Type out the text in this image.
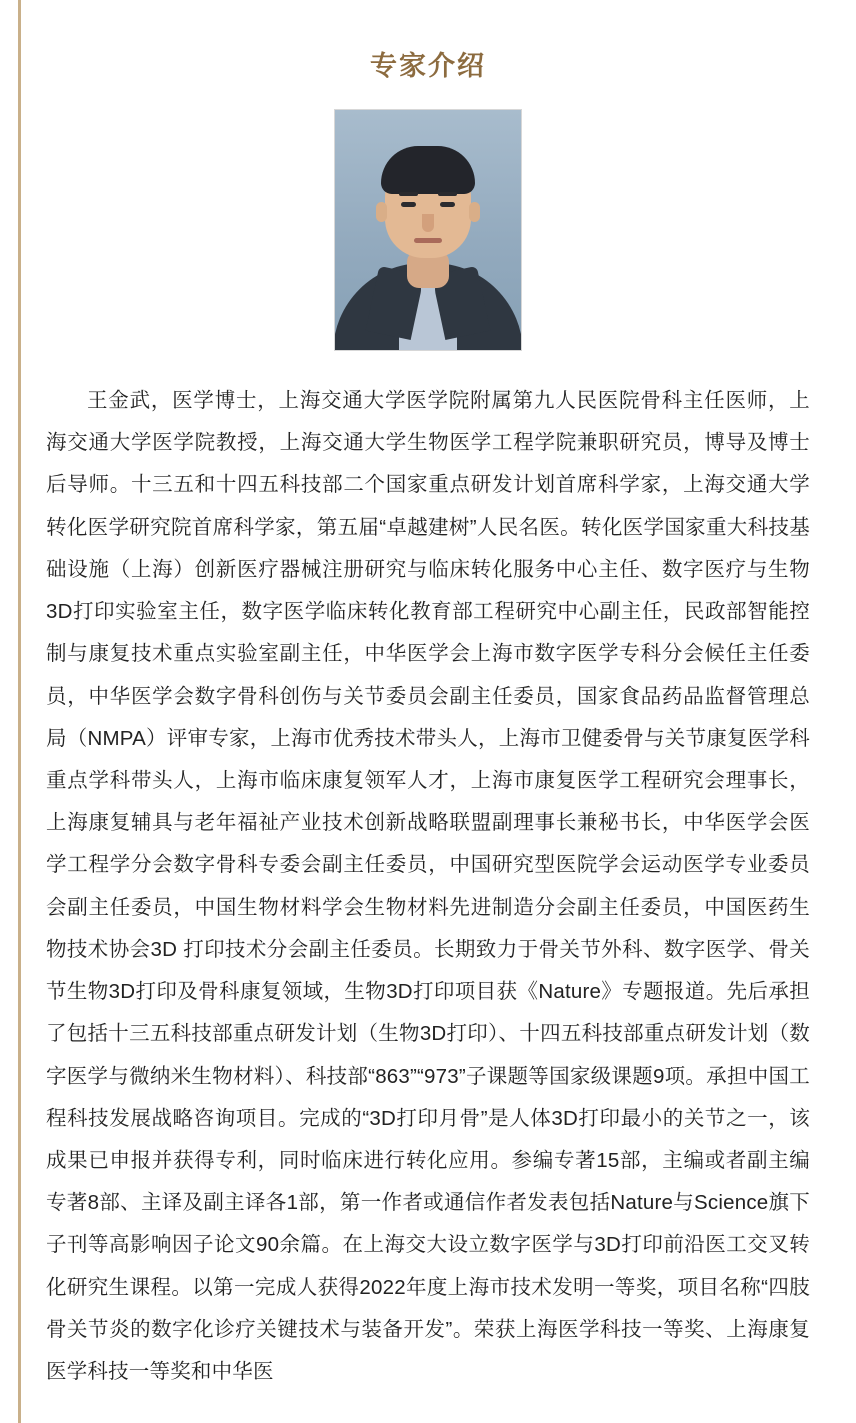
专家介绍

王金武，医学博士，上海交通大学医学院附属第九人民医院骨科主任医师，上海交通大学医学院教授，上海交通大学生物医学工程学院兼职研究员，博导及博士后导师。十三五和十四五科技部二个国家重点研发计划首席科学家，上海交通大学转化医学研究院首席科学家，第五届“卓越建树”人民名医。转化医学国家重大科技基础设施（上海）创新医疗器械注册研究与临床转化服务中心主任、数字医疗与生物3D打印实验室主任，数字医学临床转化教育部工程研究中心副主任，民政部智能控制与康复技术重点实验室副主任，中华医学会上海市数字医学专科分会候任主任委员，中华医学会数字骨科创伤与关节委员会副主任委员，国家食品药品监督管理总局（NMPA）评审专家，上海市优秀技术带头人，上海市卫健委骨与关节康复医学科重点学科带头人，上海市临床康复领军人才，上海市康复医学工程研究会理事长，上海康复辅具与老年福祉产业技术创新战略联盟副理事长兼秘书长，中华医学会医学工程学分会数字骨科专委会副主任委员，中国研究型医院学会运动医学专业委员会副主任委员，中国生物材料学会生物材料先进制造分会副主任委员，中国医药生物技术协会3D 打印技术分会副主任委员。长期致力于骨关节外科、数字医学、骨关节生物3D打印及骨科康复领域，生物3D打印项目获《Nature》专题报道。先后承担了包括十三五科技部重点研发计划（生物3D打印）、十四五科技部重点研发计划（数字医学与微纳米生物材料）、科技部“863”“973”子课题等国家级课题9项。承担中国工程科技发展战略咨询项目。完成的“3D打印月骨”是人体3D打印最小的关节之一，该成果已申报并获得专利，同时临床进行转化应用。参编专著15部，主编或者副主编专著8部、主译及副主译各1部，第一作者或通信作者发表包括Nature与Science旗下子刊等高影响因子论文90余篇。在上海交大设立数字医学与3D打印前沿医工交叉转化研究生课程。以第一完成人获得2022年度上海市技术发明一等奖，项目名称“四肢骨关节炎的数字化诊疗关键技术与装备开发”。荣获上海医学科技一等奖、上海康复医学科技一等奖和中华医
